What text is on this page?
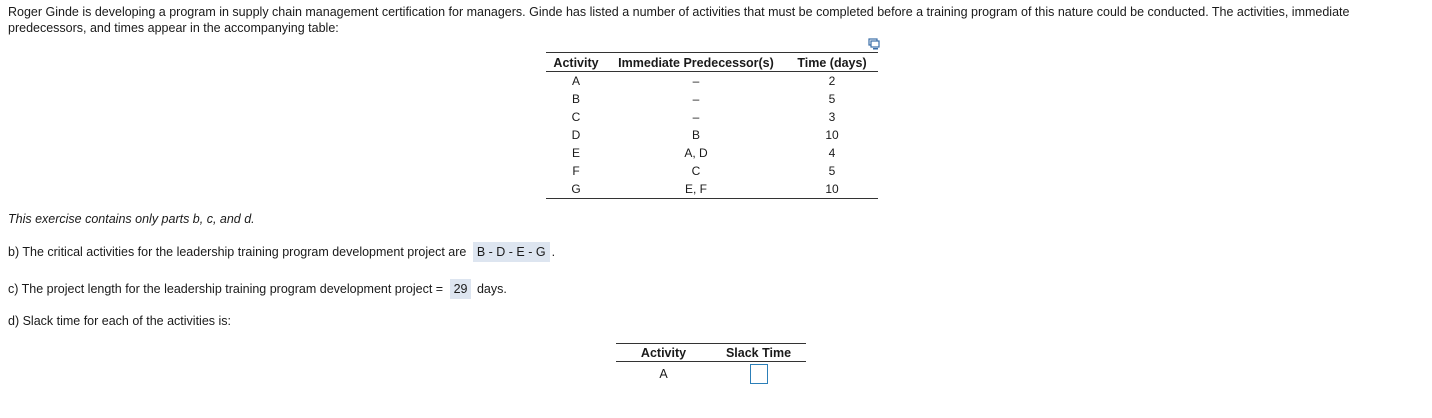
Roger Ginde is developing a program in supply chain management certification for managers. Ginde has listed a number of activities that must be completed before a training program of this nature could be conducted. The activities, immediate predecessors, and times appear in the accompanying table:

Activity	Immediate Predecessor(s)	Time (days)
A	–	2
B	–	5
C	–	3
D	B	10
E	A, D	4
F	C	5
G	E, F	10

This exercise contains only parts b, c, and d.

b) The critical activities for the leadership training program development project are B - D - E - G .

c) The project length for the leadership training program development project = 29 days.

d) Slack time for each of the activities is:

Activity	Slack Time
A	
